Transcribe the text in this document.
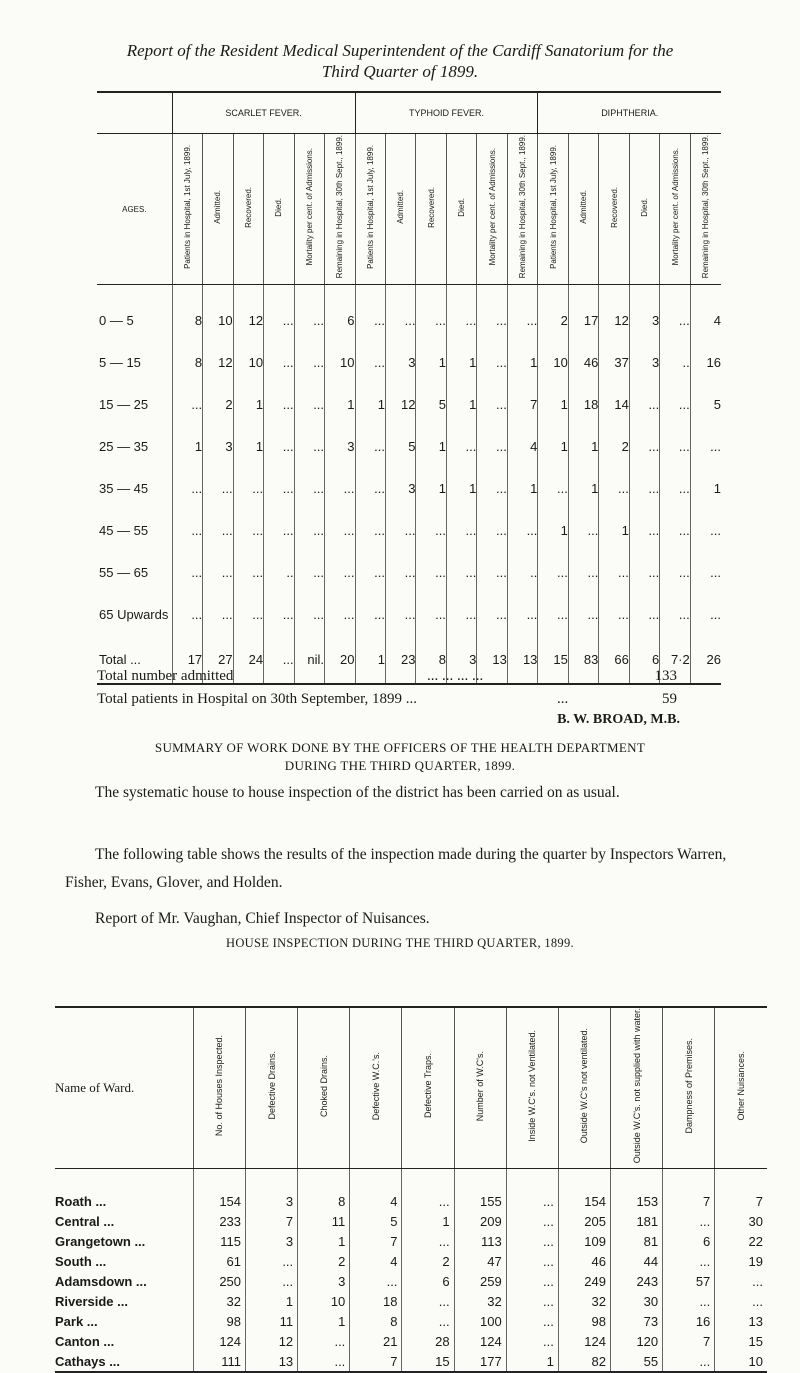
Report of the Resident Medical Superintendent of the Cardiff Sanatorium for the
Third Quarter of 1899.
	SCARLET FEVER.						TYPHOID FEVER.						DIPHTHERIA.					
AGES.	Patients in Hospital, 1st July, 1899.	Admitted.	Recovered.	Died.	Mortality per cent. of Admissions.	Remaining in Hospital, 30th Sept., 1899.	Patients in Hospital, 1st July, 1899.	Admitted.	Recovered.	Died.	Mortality per cent. of Admissions.	Remaining in Hospital, 30th Sept., 1899.	Patients in Hospital, 1st July, 1899.	Admitted.	Recovered.	Died.	Mortality per cent. of Admissions.	Remaining in Hospital, 30th Sept., 1899.

0 — 5	8	10	12	...	...	6	...	...	...	...	...	...	2	17	12	3	...	4
5 — 15	8	12	10	...	...	10	...	3	1	1	...	1	10	46	37	3	..	16
15 — 25	...	2	1	...	...	1	1	12	5	1	...	7	1	18	14	...	...	5
25 — 35	1	3	1	...	...	3	...	5	1	...	...	4	1	1	2	...	...	...
35 — 45	...	...	...	...	...	...	...	3	1	1	...	1	...	1	...	...	...	1
45 — 55	...	...	...	...	...	...	...	...	...	...	...	...	1	...	1	...	...	...
55 — 65	...	...	...	..	...	...	...	...	...	...	...	..	...	...	...	...	...	...
65 Upwards	...	...	...	...	...	...	...	...	...	...	...	...	...	...	...	...	...	...
Total ...	17	27	24	...	nil.	20	1	23	8	3	13	13	15	83	66	6	7·2	26
Total number admitted	... ... ... ...	133
Total patients in Hospital on 30th September, 1899 ...	...	59
B. W. BROAD, M.B.
SUMMARY OF WORK DONE BY THE OFFICERS OF THE HEALTH DEPARTMENT
DURING THE THIRD QUARTER, 1899.
The systematic house to house inspection of the district has been carried on as usual.
The following table shows the results of the inspection made during the quarter by Inspectors Warren, Fisher, Evans, Glover, and Holden.
Report of Mr. Vaughan, Chief Inspector of Nuisances.
HOUSE INSPECTION DURING THE THIRD QUARTER, 1899.
Name of Ward.	No. of Houses Inspected.	Defective Drains.	Choked Drains.	Defective W.C.'s.	Defective Traps.	Number of W.C's.	Inside W.C's. not Ventilated.	Outside W.C's not ventilated.	Outside W.C's. not supplied with water.	Dampness of Premises.	Other Nuisances.

Roath ...	154	3	8	4	...	155	...	154	153	7	7
Central ...	233	7	11	5	1	209	...	205	181	...	30
Grangetown ...	115	3	1	7	...	113	...	109	81	6	22
South ...	61	...	2	4	2	47	...	46	44	...	19
Adamsdown ...	250	...	3	...	6	259	...	249	243	57	...
Riverside ...	32	1	10	18	...	32	...	32	30	...	...
Park ...	98	11	1	8	...	100	...	98	73	16	13
Canton ...	124	12	...	21	28	124	...	124	120	7	15
Cathays ...	111	13	...	7	15	177	1	82	55	...	10
